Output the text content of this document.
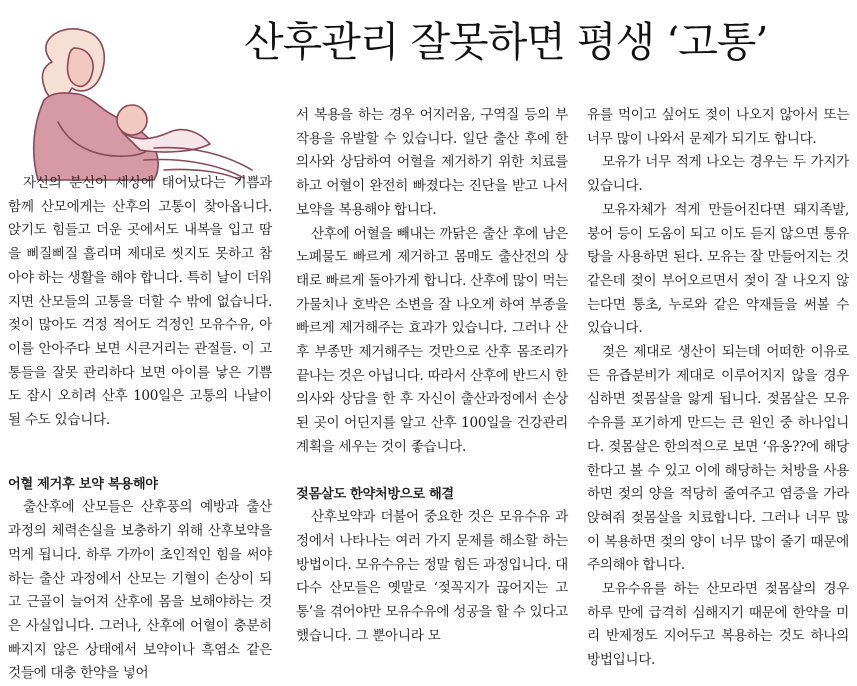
산후관리 잘못하면 평생 ‘고통’

자신의 분신이 세상에 태어났다는 기쁨과 함께 산모에게는 산후의 고통이 찾아옵니다. 앉기도 힘들고 더운 곳에서도 내복을 입고 땀을 삐질삐질 흘리며 제대로 씻지도 못하고 참아야 하는 생활을 해야 합니다. 특히 날이 더워지면 산모들의 고통을 더할 수 밖에 없습니다. 젖이 많아도 걱정 적어도 걱정인 모유수유, 아이를 안아주다 보면 시큰거리는 관절들. 이 고통들을 잘못 관리하다 보면 아이를 낳은 기쁨도 잠시 오히려 산후 100일은 고통의 나날이 될 수도 있습니다.

어혈 제거후 보약 복용해야

출산후에 산모들은 산후풍의 예방과 출산 과정의 체력손실을 보충하기 위해 산후보약을 먹게 됩니다. 하루 가까이 초인적인 힘을 써야하는 출산 과정에서 산모는 기혈이 손상이 되고 근골이 늘어져 산후에 몸을 보해야하는 것은 사실입니다. 그러나, 산후에 어혈이 충분히 빠지지 않은 상태에서 보약이나 흑염소 같은 것들에 대충 한약을 넣어

서 복용을 하는 경우 어지러움, 구역질 등의 부작용을 유발할 수 있습니다. 일단 출산 후에 한의사와 상담하여 어혈을 제거하기 위한 치료를 하고 어혈이 완전히 빠졌다는 진단을 받고 나서 보약을 복용해야 합니다.

산후에 어혈을 빼내는 까닭은 출산 후에 남은 노폐물도 빠르게 제거하고 몸매도 출산전의 상태로 빠르게 돌아가게 합니다. 산후에 많이 먹는 가물치나 호박은 소변을 잘 나오게 하여 부종을 빠르게 제거해주는 효과가 있습니다. 그러나 산후 부종만 제거해주는 것만으로 산후 몸조리가 끝나는 것은 아닙니다. 따라서 산후에 반드시 한의사와 상담을 한 후 자신이 출산과정에서 손상된 곳이 어딘지를 알고 산후 100일을 건강관리계획을 세우는 것이 좋습니다.

젖몸살도 한약처방으로 해결

산후보약과 더불어 중요한 것은 모유수유 과정에서 나타나는 여러 가지 문제를 해소할 하는 방법이다. 모유수유는 정말 힘든 과정입니다. 대다수 산모들은 옛말로 ‘젖꼭지가 끊어지는 고통’을 겪어야만 모유수유에 성공을 할 수 있다고 했습니다. 그 뿐아니라 모

유를 먹이고 싶어도 젖이 나오지 않아서 또는 너무 많이 나와서 문제가 되기도 합니다.

모유가 너무 적게 나오는 경우는 두 가지가 있습니다.

모유자체가 적게 만들어진다면 돼지족발, 붕어 등이 도움이 되고 이도 듣지 않으면 통유탕을 사용하면 된다. 모유는 잘 만들어지는 것 같은데 젖이 부어오르면서 젖이 잘 나오지 않는다면 통초, 누로와 같은 약재들을 써볼 수 있습니다.

젖은 제대로 생산이 되는데 어떠한 이유로든 유즙분비가 제대로 이루어지지 않을 경우 심하면 젖몸살을 앓게 됩니다. 젖몸살은 모유수유를 포기하게 만드는 큰 원인 중 하나입니다. 젖몸살은 한의적으로 보면 ‘유옹??에 해당한다고 볼 수 있고 이에 해당하는 처방을 사용하면 젖의 양을 적당히 줄여주고 염증을 가라앉혀줘 젖몸살을 치료합니다. 그러나 너무 많이 복용하면 젖의 양이 너무 많이 줄기 때문에 주의해야 합니다.

모유수유를 하는 산모라면 젖몸살의 경우 하루 만에 급격히 심해지기 때문에 한약을 미리 반제정도 지어두고 복용하는 것도 하나의 방법입니다.
